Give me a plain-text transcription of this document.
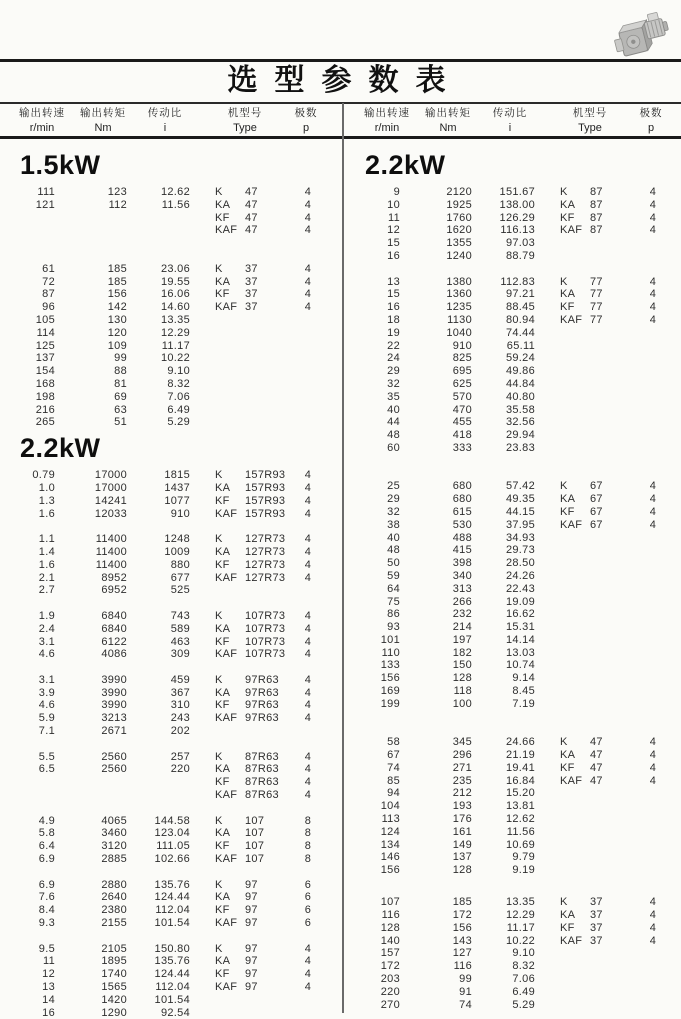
选型参数表
输出转速
r/min
输出转矩
Nm
传动比
i
机型号
Type
极数
p
输出转速
r/min
输出转矩
Nm
传动比
i
机型号
Type
极数
p
1.5kW
111	123	12.62 K	47	4
121	112	11.56 KA	47	4
KF	47	4
KAF 47	4
61	185	23.06 K	37	4
72	185	19.55 KA	37	4
87	156	16.06 KF	37	4
96	142	14.60 KAF 37	4
105	130	13.35
114	120	12.29
125	109	11.17
137	99	10.22
154	88	9.10
168	81	8.32
198	69	7.06
216	63	6.49
265	51	5.29
2.2kW
0.79	17000	1815 K	157R93	4
1.0	17000	1437 KA	157R93	4
1.3	14241	1077 KF	157R93	4
1.6	12033	910 KAF 157R93	4
1.1	11400	1248 K	127R73	4
1.4	11400	1009 KA	127R73	4
1.6	11400	880 KF	127R73	4
2.1	8952	677 KAF 127R73	4
2.7	6952	525
1.9	6840	743 K	107R73	4
2.4	6840	589 KA	107R73	4
3.1	6122	463 KF	107R73	4
4.6	4086	309 KAF 107R73	4
3.1	3990	459 K	97R63	4
3.9	3990	367 KA	97R63	4
4.6	3990	310 KF	97R63	4
5.9	3213	243 KAF 97R63	4
7.1	2671	202
5.5	2560	257 K	87R63	4
6.5	2560	220 KA	87R63	4
KF	87R63	4
KAF 87R63	4
4.9	4065	144.58 K	107	8
5.8	3460	123.04 KA	107	8
6.4	3120	111.05 KF	107	8
6.9	2885	102.66 KAF 107	8
6.9	2880	135.76 K	97	6
7.6	2640	124.44 KA	97	6
8.4	2380	112.04 KF	97	6
9.3	2155	101.54 KAF 97	6
9.5	2105	150.80 K	97	4
11	1895	135.76 KA	97	4
12	1740	124.44 KF	97	4
13	1565	112.04 KAF 97	4
14	1420	101.54
16	1290	92.54
2.2kW
9	2120	151.67 K	87	4
10	1925	138.00 KA	87	4
11	1760	126.29 KF	87	4
12	1620	116.13 KAF 87	4
15	1355	97.03
16	1240	88.79
13	1380	112.83 K	77	4
15	1360	97.21 KA	77	4
16	1235	88.45 KF	77	4
18	1130	80.94 KAF 77	4
19	1040	74.44
22	910	65.11
24	825	59.24
29	695	49.86
32	625	44.84
35	570	40.80
40	470	35.58
44	455	32.56
48	418	29.94
60	333	23.83
25	680	57.42 K	67	4
29	680	49.35 KA	67	4
32	615	44.15 KF	67	4
38	530	37.95 KAF 67	4
40	488	34.93
48	415	29.73
50	398	28.50
59	340	24.26
64	313	22.43
75	266	19.09
86	232	16.62
93	214	15.31
101	197	14.14
110	182	13.03
133	150	10.74
156	128	9.14
169	118	8.45
199	100	7.19
58	345	24.66 K	47	4
67	296	21.19 KA	47	4
74	271	19.41 KF	47	4
85	235	16.84 KAF 47	4
94	212	15.20
104	193	13.81
113	176	12.62
124	161	11.56
134	149	10.69
146	137	9.79
156	128	9.19
107	185	13.35 K	37	4
116	172	12.29 KA	37	4
128	156	11.17 KF	37	4
140	143	10.22 KAF 37	4
157	127	9.10
172	116	8.32
203	99	7.06
220	91	6.49
270	74	5.29
